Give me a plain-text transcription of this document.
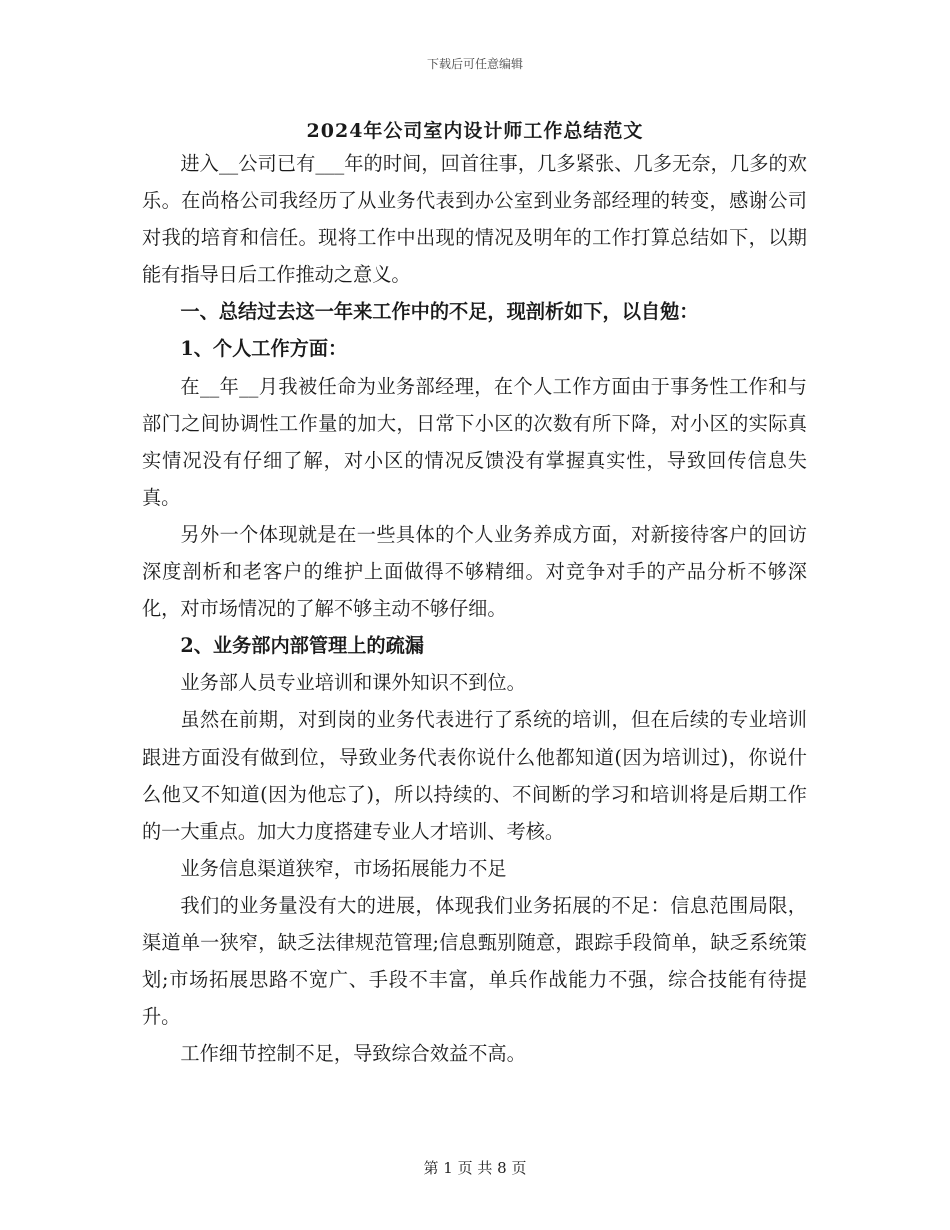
下载后可任意编辑
2024年公司室内设计师工作总结范文

进入__公司已有___年的时间，回首往事，几多紧张、几多无奈，几多的欢乐。在尚格公司我经历了从业务代表到办公室到业务部经理的转变，感谢公司对我的培育和信任。现将工作中出现的情况及明年的工作打算总结如下，以期能有指导日后工作推动之意义。

一、总结过去这一年来工作中的不足，现剖析如下，以自勉：

1、个人工作方面：

在__年__月我被任命为业务部经理，在个人工作方面由于事务性工作和与部门之间协调性工作量的加大，日常下小区的次数有所下降，对小区的实际真实情况没有仔细了解，对小区的情况反馈没有掌握真实性，导致回传信息失真。

另外一个体现就是在一些具体的个人业务养成方面，对新接待客户的回访深度剖析和老客户的维护上面做得不够精细。对竞争对手的产品分析不够深化，对市场情况的了解不够主动不够仔细。

2、业务部内部管理上的疏漏

业务部人员专业培训和课外知识不到位。

虽然在前期，对到岗的业务代表进行了系统的培训，但在后续的专业培训跟进方面没有做到位，导致业务代表你说什么他都知道(因为培训过)，你说什么他又不知道(因为他忘了)，所以持续的、不间断的学习和培训将是后期工作的一大重点。加大力度搭建专业人才培训、考核。

业务信息渠道狭窄，市场拓展能力不足

我们的业务量没有大的进展，体现我们业务拓展的不足：信息范围局限，渠道单一狭窄，缺乏法律规范管理;信息甄别随意，跟踪手段简单，缺乏系统策划;市场拓展思路不宽广、手段不丰富，单兵作战能力不强，综合技能有待提升。

工作细节控制不足，导致综合效益不高。

第 1 页 共 8 页
